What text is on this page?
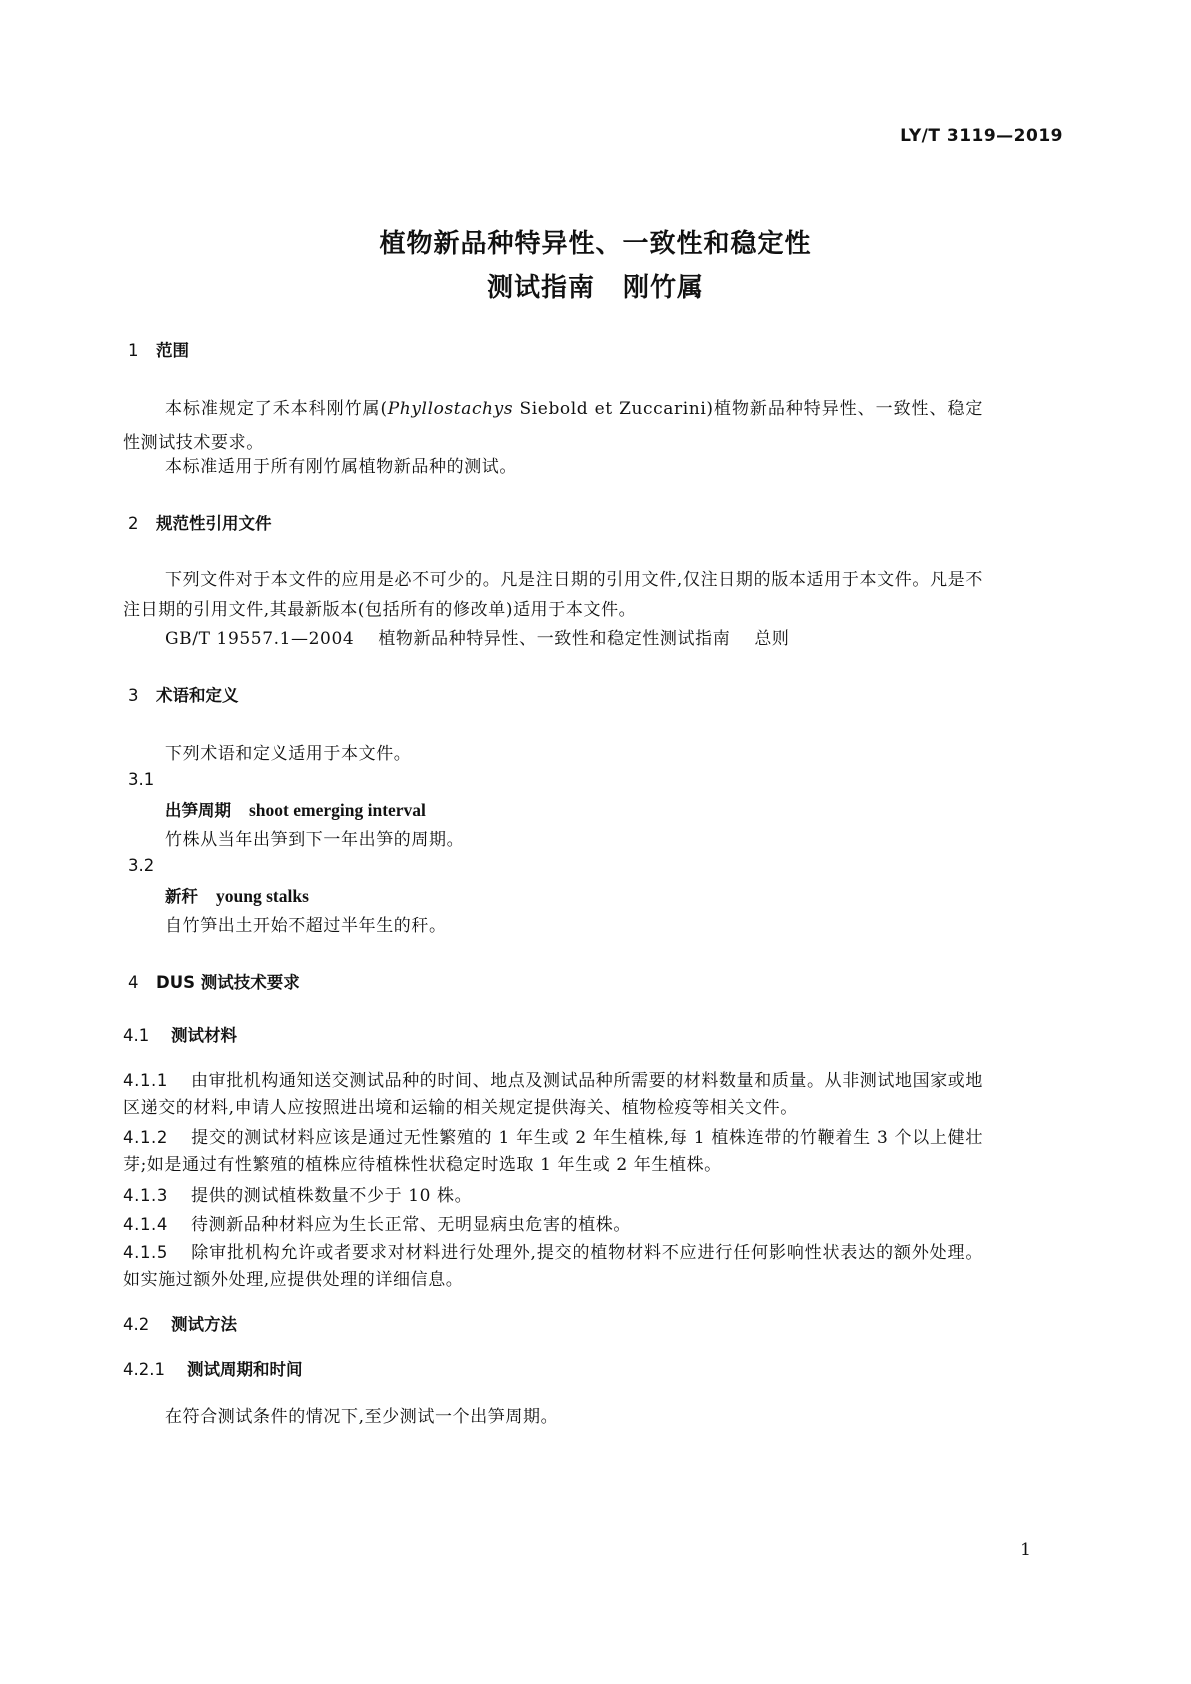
LY/T 3119—2019
植物新品种特异性、一致性和稳定性
测试指南 刚竹属
1 范围
本标准规定了禾本科刚竹属(Phyllostachys Siebold et Zuccarini)植物新品种特异性、一致性、稳定性测试技术要求。
本标准适用于所有刚竹属植物新品种的测试。
2 规范性引用文件
下列文件对于本文件的应用是必不可少的。凡是注日期的引用文件,仅注日期的版本适用于本文件。凡是不注日期的引用文件,其最新版本(包括所有的修改单)适用于本文件。
GB/T 19557.1—2004 植物新品种特异性、一致性和稳定性测试指南 总则
3 术语和定义
下列术语和定义适用于本文件。
3.1
出笋周期 shoot emerging interval
竹株从当年出笋到下一年出笋的周期。
3.2
新秆 young stalks
自竹笋出土开始不超过半年生的秆。
4 DUS 测试技术要求
4.1 测试材料
4.1.1 由审批机构通知送交测试品种的时间、地点及测试品种所需要的材料数量和质量。从非测试地国家或地区递交的材料,申请人应按照进出境和运输的相关规定提供海关、植物检疫等相关文件。
4.1.2 提交的测试材料应该是通过无性繁殖的 1 年生或 2 年生植株,每 1 植株连带的竹鞭着生 3 个以上健壮芽;如是通过有性繁殖的植株应待植株性状稳定时选取 1 年生或 2 年生植株。
4.1.3 提供的测试植株数量不少于 10 株。
4.1.4 待测新品种材料应为生长正常、无明显病虫危害的植株。
4.1.5 除审批机构允许或者要求对材料进行处理外,提交的植物材料不应进行任何影响性状表达的额外处理。如实施过额外处理,应提供处理的详细信息。
4.2 测试方法
4.2.1 测试周期和时间
在符合测试条件的情况下,至少测试一个出笋周期。
1
